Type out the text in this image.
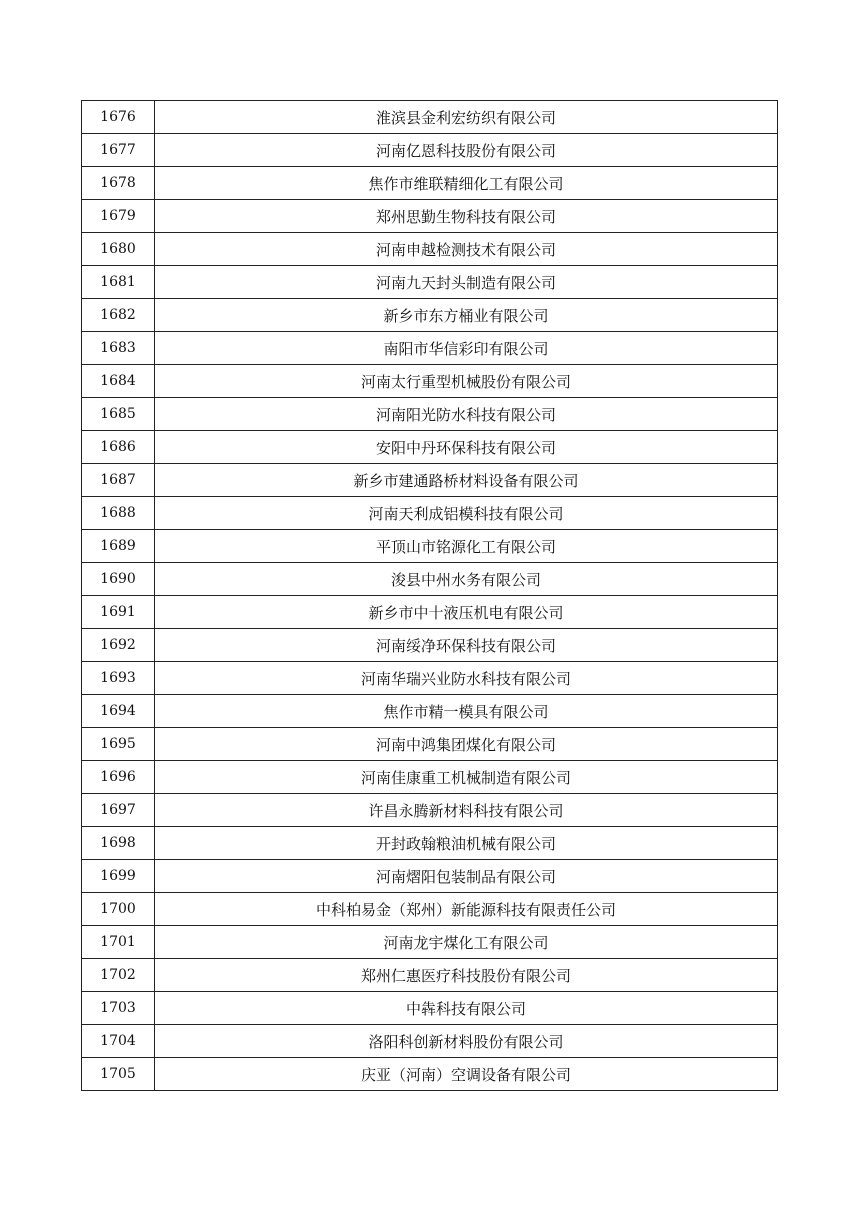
1676	淮滨县金利宏纺织有限公司
1677	河南亿恩科技股份有限公司
1678	焦作市维联精细化工有限公司
1679	郑州思勤生物科技有限公司
1680	河南申越检测技术有限公司
1681	河南九天封头制造有限公司
1682	新乡市东方桶业有限公司
1683	南阳市华信彩印有限公司
1684	河南太行重型机械股份有限公司
1685	河南阳光防水科技有限公司
1686	安阳中丹环保科技有限公司
1687	新乡市建通路桥材料设备有限公司
1688	河南天利成铝模科技有限公司
1689	平顶山市铭源化工有限公司
1690	浚县中州水务有限公司
1691	新乡市中十液压机电有限公司
1692	河南绥净环保科技有限公司
1693	河南华瑞兴业防水科技有限公司
1694	焦作市精一模具有限公司
1695	河南中鸿集团煤化有限公司
1696	河南佳康重工机械制造有限公司
1697	许昌永腾新材料科技有限公司
1698	开封政翰粮油机械有限公司
1699	河南熠阳包装制品有限公司
1700	中科柏易金（郑州）新能源科技有限责任公司
1701	河南龙宇煤化工有限公司
1702	郑州仁惠医疗科技股份有限公司
1703	中犇科技有限公司
1704	洛阳科创新材料股份有限公司
1705	庆亚（河南）空调设备有限公司
